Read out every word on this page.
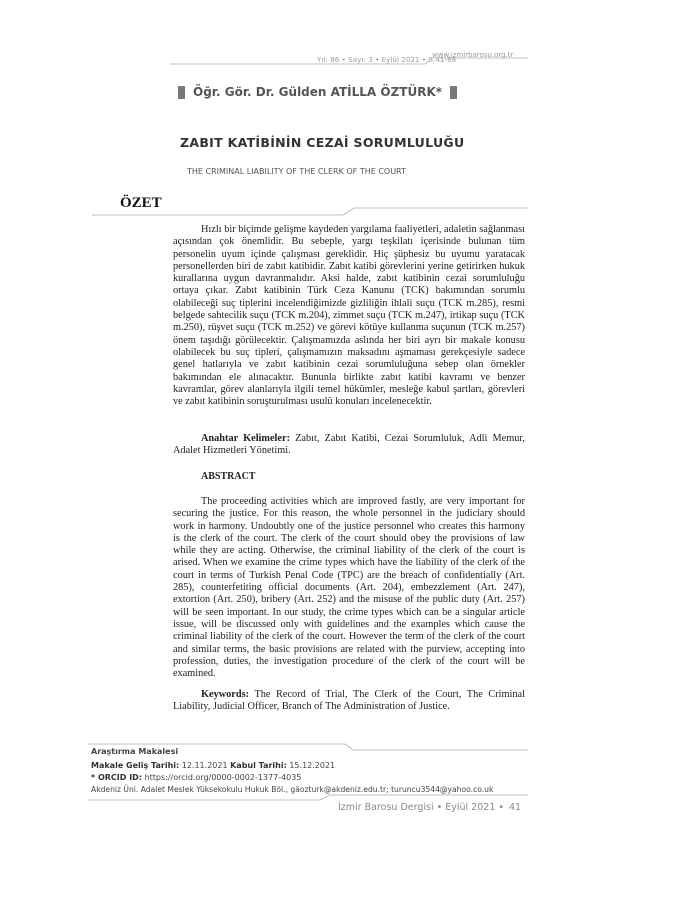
Yıl: 86 • Sayı: 3 • Eylül 2021 • S.41-88
www.izmirbarosu.org.tr
Öğr. Gör. Dr. Gülden ATİLLA ÖZTÜRK*
ZABIT KATİBİNİN CEZAİ SORUMLULUĞU
THE CRIMINAL LIABILITY OF THE CLERK OF THE COURT
ÖZET

Hızlı bir biçimde gelişme kaydeden yargılama faaliyetleri, adaletin sağlanması açısından çok önemlidir. Bu sebeple, yargı teşkilatı içerisinde bulunan tüm personelin uyum içinde çalışması gereklidir. Hiç şüphesiz bu uyumu yaratacak personellerden biri de zabıt katibidir. Zabıt katibi görevlerini yerine getirirken hukuk kurallarına uygun davranmalıdır. Aksi halde, zabıt katibinin cezai sorumluluğu ortaya çıkar. Zabıt katibinin Türk Ceza Kanunu (TCK) bakımından sorumlu olabileceği suç tiplerini incelendiğimizde gizliliğin ihlali suçu (TCK m.285), resmi belgede sahtecilik suçu (TCK m.204), zimmet suçu (TCK m.247), irtikap suçu (TCK m.250), rüşvet suçu (TCK m.252) ve görevi kötüye kullanma suçunun (TCK m.257) önem taşıdığı görülecektir. Çalışmamızda aslında her biri ayrı bir makale konusu olabilecek bu suç tipleri, çalışmamızın maksadını aşmaması gerekçesiyle sadece genel hatlarıyla ve zabıt katibinin cezai sorumluluğuna sebep olan örnekler bakımından ele alınacaktır. Bununla birlikte zabıt katibi kavramı ve benzer kavramlar, görev alanlarıyla ilgili temel hükümler, mesleğe kabul şartları, görevleri ve zabıt katibinin soruşturulması usulü konuları incelenecektir.

Anahtar Kelimeler: Zabıt, Zabıt Katibi, Cezai Sorumluluk, Adli Memur, Adalet Hizmetleri Yönetimi.

ABSTRACT

The proceeding activities which are improved fastly, are very important for securing the justice. For this reason, the whole personnel in the judiciary should work in harmony. Undoubtly one of the justice personnel who creates this harmony is the clerk of the court. The clerk of the court should obey the provisions of law while they are acting. Otherwise, the criminal liability of the clerk of the court is arised. When we examine the crime types which have the liability of the clerk of the court in terms of Turkish Penal Code (TPC) are the breach of confidentially (Art. 285), counterfetiting official documents (Art. 204), embezzlement (Art. 247), extortion (Art. 250), bribery (Art. 252) and the misuse of the public duty (Art. 257) will be seen important. In our study, the crime types which can be a singular article issue, will be discussed only with guidelines and the examples which cause the criminal liability of the clerk of the court. However the term of the clerk of the court and similar terms, the basic provisions are related with the purview, accepting into profession, duties, the investigation procedure of the clerk of the court will be examined.

Keywords: The Record of Trial, The Clerk of the Court, The Criminal Liability, Judicial Officer, Branch of The Administration of Justice.

Araştırma Makalesi
Makale Geliş Tarihi: 12.11.2021 Kabul Tarihi: 15.12.2021
* ORCID ID: https://orcid.org/0000-0002-1377-4035
Akdeniz Üni. Adalet Meslek Yüksekokulu Hukuk Böl., gäozturk@akdeniz.edu.tr; turuncu3544@yahoo.co.uk
İzmir Barosu Dergisi • Eylül 2021 • 41
